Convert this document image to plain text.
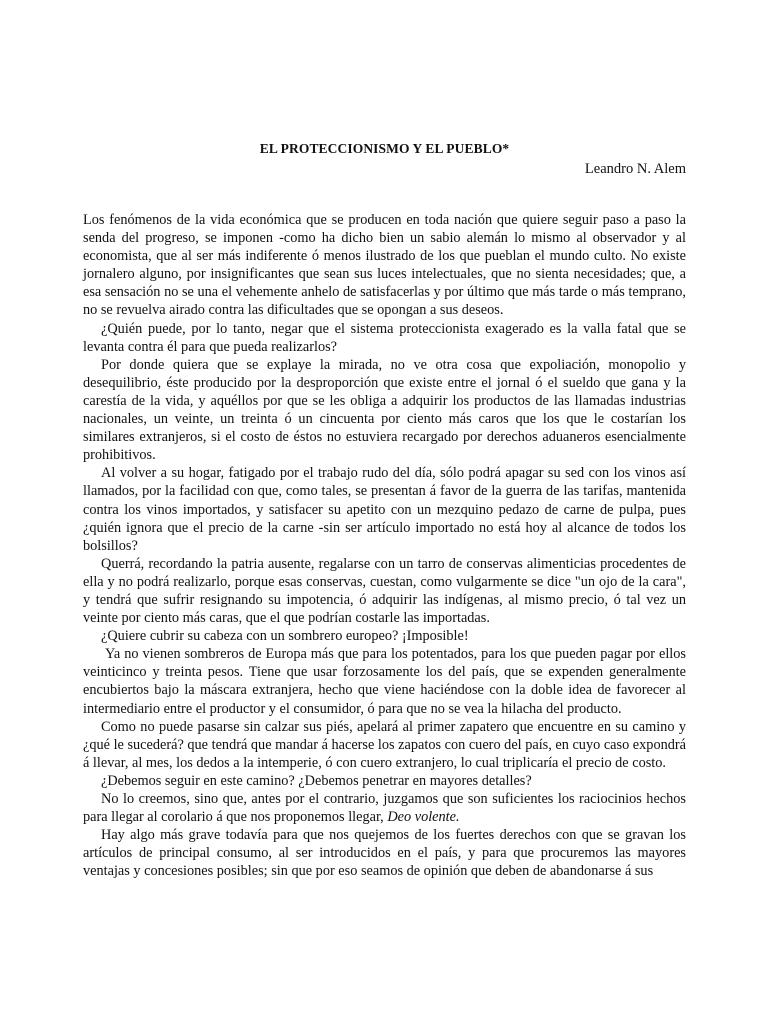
EL PROTECCIONISMO Y EL PUEBLO*
Leandro N. Alem

Los fenómenos de la vida económica que se producen en toda nación que quiere seguir paso a paso la senda del progreso, se imponen -como ha dicho bien un sabio alemán lo mismo al observador y al economista, que al ser más indiferente ó menos ilustrado de los que pueblan el mundo culto. No existe jornalero alguno, por insignificantes que sean sus luces intelectuales, que no sienta necesidades; que, a esa sensación no se una el vehemente anhelo de satisfacerlas y por último que más tarde o más temprano, no se revuelva airado contra las dificultades que se opongan a sus deseos.

¿Quién puede, por lo tanto, negar que el sistema proteccionista exagerado es la valla fatal que se levanta contra él para que pueda realizarlos?

Por donde quiera que se explaye la mirada, no ve otra cosa que expoliación, monopolio y desequilibrio, éste producido por la desproporción que existe entre el jornal ó el sueldo que gana y la carestía de la vida, y aquéllos por que se les obliga a adquirir los productos de las llamadas industrias nacionales, un veinte, un treinta ó un cincuenta por ciento más caros que los que le costarían los similares extranjeros, si el costo de éstos no estuviera recargado por derechos aduaneros esencialmente prohibitivos.

Al volver a su hogar, fatigado por el trabajo rudo del día, sólo podrá apagar su sed con los vinos así llamados, por la facilidad con que, como tales, se presentan á favor de la guerra de las tarifas, mantenida contra los vinos importados, y satisfacer su apetito con un mezquino pedazo de carne de pulpa, pues ¿quién ignora que el precio de la carne -sin ser artículo importado no está hoy al alcance de todos los bolsillos?

Querrá, recordando la patria ausente, regalarse con un tarro de conservas alimenticias procedentes de ella y no podrá realizarlo, porque esas conservas, cuestan, como vulgarmente se dice "un ojo de la cara", y tendrá que sufrir resignando su impotencia, ó adquirir las indígenas, al mismo precio, ó tal vez un veinte por ciento más caras, que el que podrían costarle las importadas.

¿Quiere cubrir su cabeza con un sombrero europeo? ¡Imposible!

Ya no vienen sombreros de Europa más que para los potentados, para los que pueden pagar por ellos veinticinco y treinta pesos. Tiene que usar forzosamente los del país, que se expenden generalmente encubiertos bajo la máscara extranjera, hecho que viene haciéndose con la doble idea de favorecer al intermediario entre el productor y el consumidor, ó para que no se vea la hilacha del producto.

Como no puede pasarse sin calzar sus piés, apelará al primer zapatero que encuentre en su camino y ¿qué le sucederá? que tendrá que mandar á hacerse los zapatos con cuero del país, en cuyo caso expondrá á llevar, al mes, los dedos a la intemperie, ó con cuero extranjero, lo cual triplicaría el precio de costo.

¿Debemos seguir en este camino? ¿Debemos penetrar en mayores detalles?

No lo creemos, sino que, antes por el contrario, juzgamos que son suficientes los raciocinios hechos para llegar al corolario á que nos proponemos llegar, Deo volente.

Hay algo más grave todavía para que nos quejemos de los fuertes derechos con que se gravan los artículos de principal consumo, al ser introducidos en el país, y para que procuremos las mayores ventajas y concesiones posibles; sin que por eso seamos de opinión que deben de abandonarse á sus
